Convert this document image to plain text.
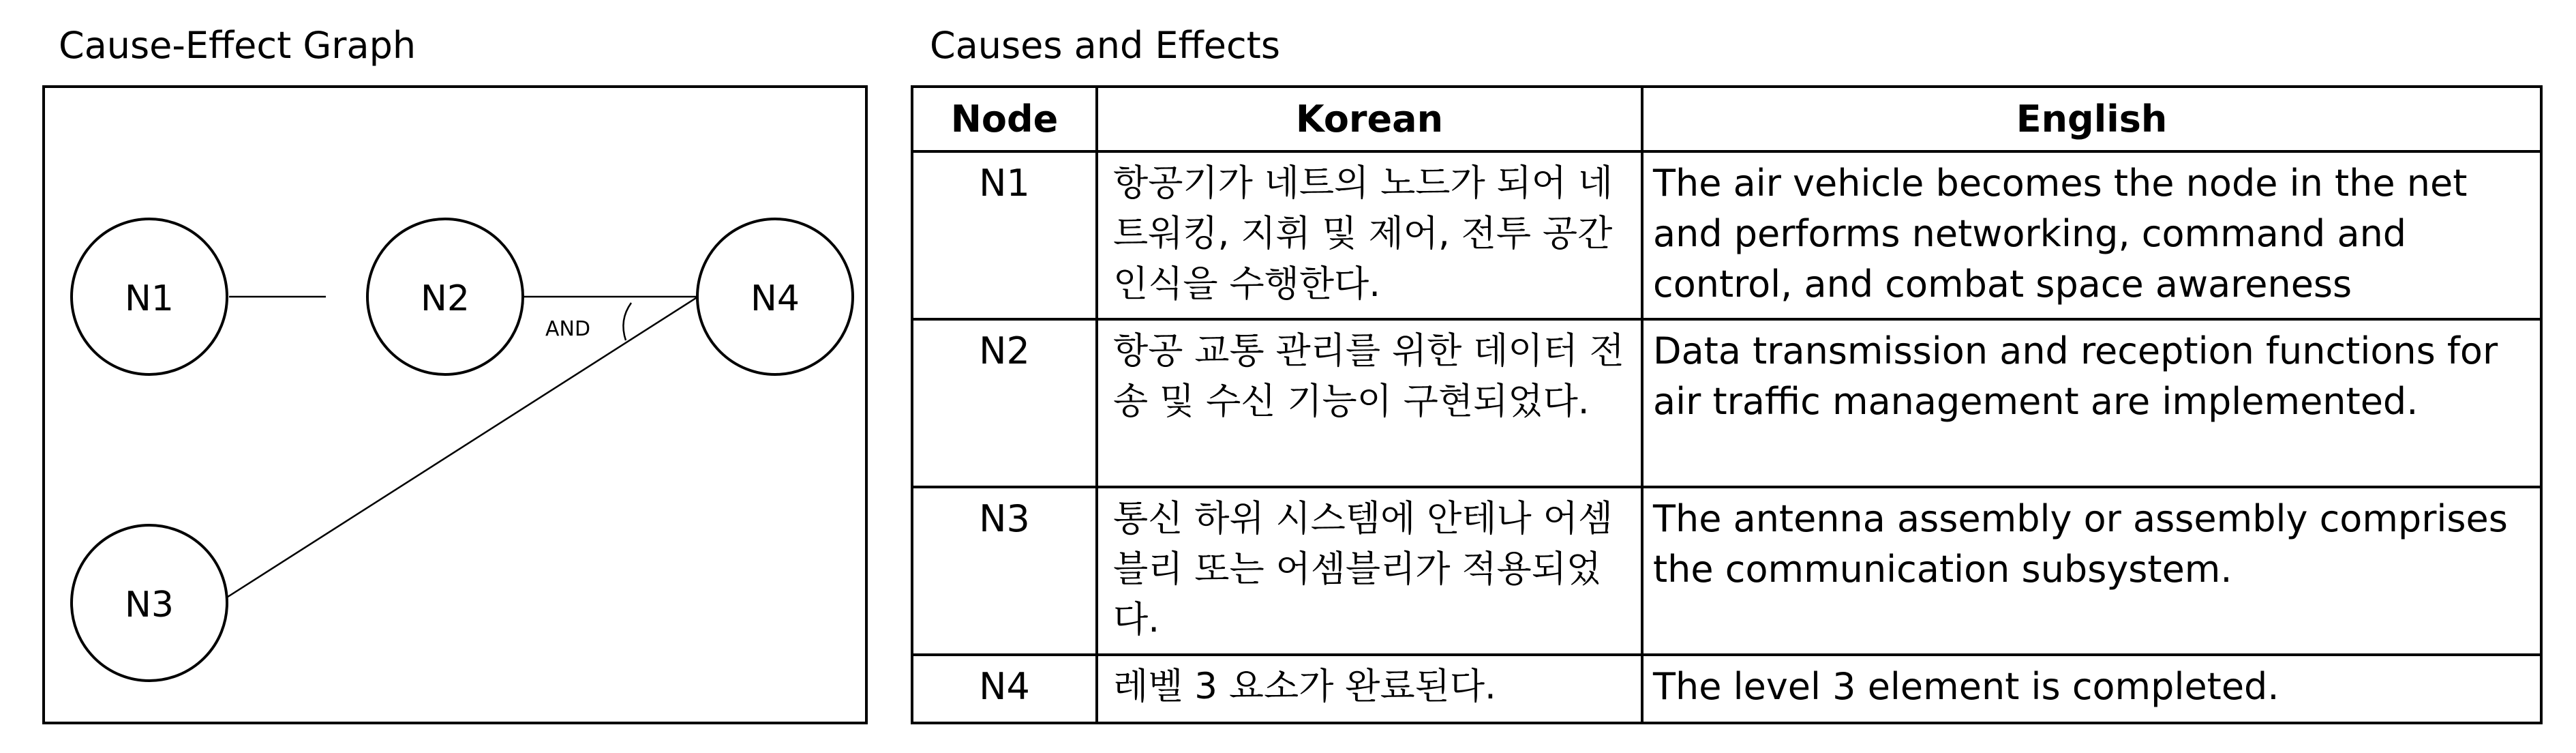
Cause-Effect Graph	Causes and Effects
AND
N1	N2
N3
N4
Node	Korean	English
N1	항공기가 네트의 노드가 되어 네트워킹, 지휘 및 제어, 전투 공간 인식을 수행한다.	The air vehicle becomes the node in the net and performs networking, command and control, and combat space awareness
N2	항공 교통 관리를 위한 데이터 전송 및 수신 기능이 구현되었다.	Data transmission and reception functions for air traffic management are implemented.
N3	통신 하위 시스템에 안테나 어셈블리 또는 어셈블리가 적용되었다.	The antenna assembly or assembly comprises the communication subsystem.
N4	레벨 3 요소가 완료된다.	The level 3 element is completed.
